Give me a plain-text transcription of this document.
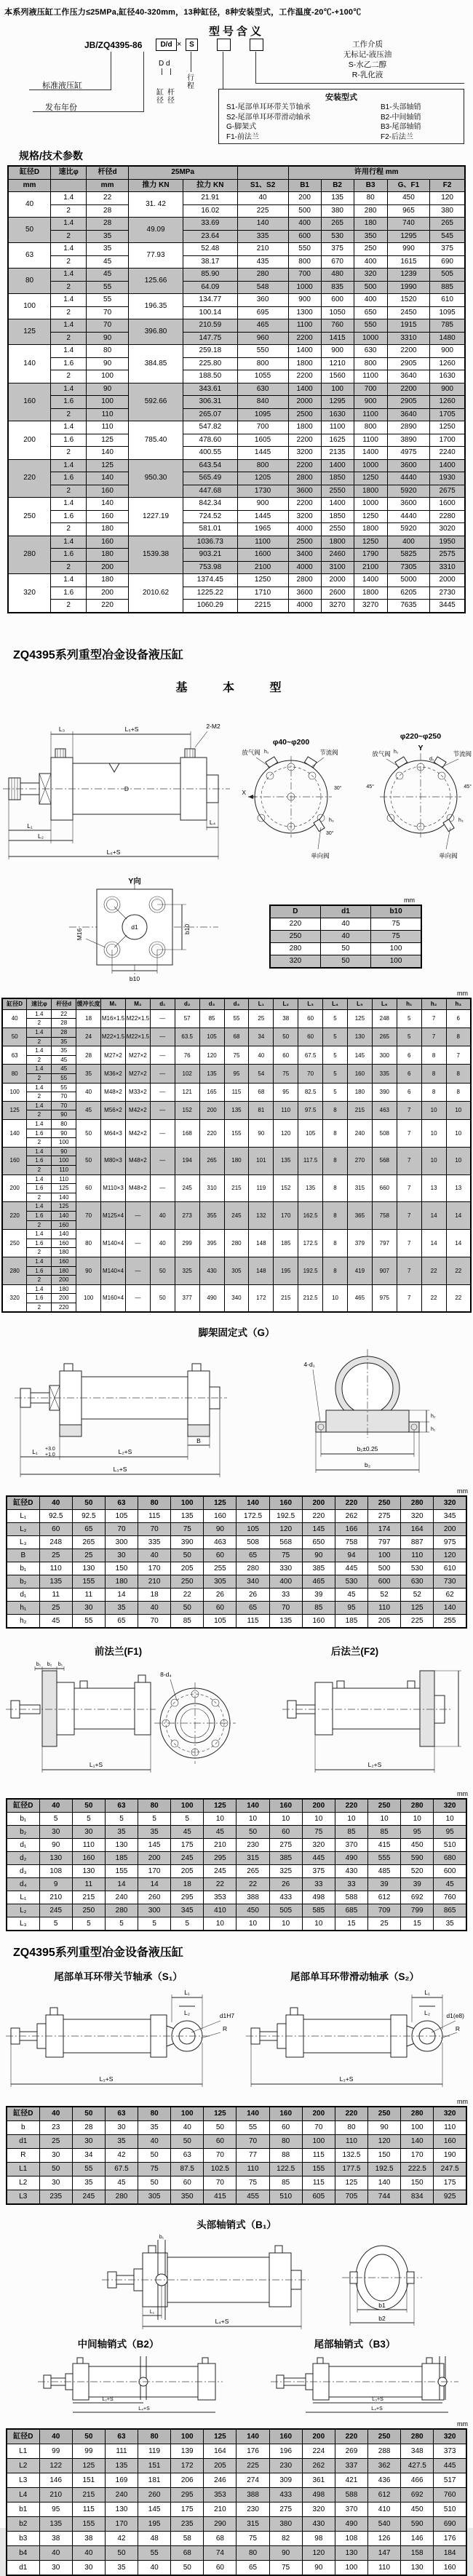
本系列液压缸工作压力≤25MPa,缸径40-320mm，13种缸径，8种安装型式，工作温度-20℃-+100℃
型号含义
JB/ZQ4395-86	D/d ×	S
标准液压缸
发布年份
D d
缸径
杆径
行程
工作介质
无标记-液压油
S-水乙二醇
R-乳化液
安装型式
S1-尾部单耳环带关节轴承
S2-尾部单耳环带滑动轴承
G-脚架式
F1-前法兰
B1-头部轴销
B2-中间轴销
B3-尾部轴销
F2-后法兰
规格/技术参数
缸径D	速比φ	杆径d	25MPa			许用行程 mm				
mm		mm	推力 KN	拉力 KN	S1、S2	B1	B2	B3	G、F1	F2
40	1.4	22	31. 42	21.91	40	200	135	80	450	120
	2	28		16.02	225	500	380	280	965	380
50	1.4	28	49.09	33.69	140	400	265	180	740	265
	2	35		23.64	335	600	530	350	1295	545
63	1.4	35	77.93	52.48	210	550	375	250	990	375
	2	45		38.17	435	800	670	400	1615	690
80	1.4	45	125.66	85.90	280	700	480	320	1239	505
	2	55		64.09	548	1000	835	500	1990	885
100	1.4	55	196.35	134.77	360	900	600	400	1520	610
	2	70		100.14	695	1300	1050	650	2450	1095
125	1.4	70	396.80	210.59	465	1100	760	550	1915	785
	2	90		147.75	960	2200	1415	1000	3310	1480
140	1.4	80	384.85	259.18	550	1400	900	630	2200	900
	1.6	90		225.80	800	1800	1210	800	2905	1260
	2	100		188.50	1055	2200	1560	1100	3640	1630
160	1.4	90	592.66	343.61	630	1400	100	700	2200	900
	1.6	100		306.31	840	2000	1295	900	2905	1260
	2	110		265.07	1095	2500	1630	1100	3640	1705
200	1.4	110	785.40	547.82	700	1800	1100	800	2890	1250
	1.6	125		478.60	1605	2200	1625	1100	3890	1700
	2	140		400.55	1445	3200	2135	1400	4975	2240
220	1.4	125	950.30	643.54	800	2200	1400	1000	3600	1400
	1.6	140		565.49	1205	2800	1850	1250	4440	1930
	2	160		447.68	1730	3600	2550	1800	5920	2675
250	1.4	140	1227.19	842.34	900	2200	1400	1000	3600	1600
	1.6	160		724.52	1445	3200	1850	1250	4440	2280
	2	180		581.01	1965	4000	2550	1800	5920	3020
280	1.4	160	1539.38	1036.73	1100	2500	1800	1250	400	1950
	1.6	180		903.21	1600	3400	2460	1790	5825	2575
	2	200		753.98	2100	4000	3100	2100	7305	3310
320	1.4	180	2010.62	1374.45	1250	2800	2000	1400	5000	2000
	1.6	200		1225.22	1710	3600	2600	1800	6205	2730
	2	220		1060.29	2215	4000	3270	3270	7635	3445
ZQ4395系列重型冶金设备液压缸
基 本 型
D
L₃	L₅+S	2-M2
L₁
L₂
L₄
L₆+S
φ40~φ200
放气阀	节流阀
X
30°
30°
h₁
h₃
单向阀
φ220~φ250
Y
d₁
放气阀	节流阀
45°	45°
h₁
h₃
单向阀
Y向
d1
M16	b10
b10
mm
D	d1	b10
220	40	75
250	40	75
280	50	100
320	50	100
mm
缸径D	速比φ	杆径d	缓冲长度	M₁	M₂	d₁	d₂	d₃	d₄	L₁	L₂	L₃	L₄	L₅	L₆	h₁	h₂	h₃
40	1.4	22	18	M16×1.5	M22×1.5	—	57	85	55	25	38	60	5	125	248	5	7	6
	2	28																
50	1.4	28	24	M22×1.5	M22×1.5	—	63.5	105	68	34	50	60	5	130	265	5	7	8
	2	35																
63	1.4	35	28	M27×2	M27×2	—	76	120	75	40	60	67.5	5	145	300	6	8	7
	2	45																
80	1.4	45	35	M36×2	M27×2	—	102	135	95	54	75	70	5	160	335	6	8	8
	2	55																
100	1.4	55	40	M48×2	M33×2	—	121	165	115	68	95	82.5	5	180	390	6	8	8
	2	70																
125	1.4	70	45	M56×2	M42×2	—	152	200	135	81	110	97.5	8	215	463	7	10	10
	2	90																
140	1.4	80	50	M64×3	M42×2	—	168	220	155	90	120	105	8	240	508	7	10	10
	1.6	90																
	2	100																
160	1.4	90	50	M80×3	M48×2	—	194	265	180	101	135	117.5	8	270	568	7	10	10
	1.6	100																
	2	110																
200	1.4	110	60	M110×3	M48×2	—	245	310	215	119	152	135	8	315	660	7	13	13
	1.6	125																
	2	140																
220	1.4	125	70	M125×4	—	40	273	355	245	132	170	162.5	8	365	758	7	14	14
	1.6	140																
	2	160																
250	1.4	140	80	M140×4	—	40	299	395	280	148	185	172.5	8	379	797	7	14	14
	1.6	160																
	2	180																
280	1.4	160	90	M140×4	—	50	325	430	305	148	195	192.5	8	419	907	7	22	22
	1.6	180																
	2	200																
320	1.4	180	100	M160×4	—	50	377	490	340	172	215	212.5	10	465	975	7	22	22
	1.6	200																
	2	220																
脚架固定式（G）
B
L₁ +3.0
+1.0	L₂+S
L₃+S
4-d₁
h₂
h₁
b₁±0.25
b₂
mm
缸径D	40	50	63	80	100	125	140	160	200	220	250	280	320
L₁	92.5	92.5	105	115	135	160	172.5	192.5	220	262	275	320	345
L₂	60	65	70	70	75	90	105	120	145	166	174	164	200
L₃	248	265	300	335	390	463	508	568	650	758	797	887	975
B	25	25	30	40	50	60	65	75	90	94	100	110	120
b₁	110	130	150	170	205	255	280	330	385	445	500	530	610
b₂	135	155	180	210	250	305	340	400	465	530	600	630	730
d₁	11	11	14	18	22	26	26	33	39	45	52	52	62
h₁	25	30	35	40	50	60	65	70	85	95	110	125	140
h₂	45	55	65	70	85	105	115	135	160	185	205	225	255
前法兰(F1)	后法兰(F2)
b₁ b₂ b₁
L₁+S
8-d₄
L₂+S
mm
缸径D	40	50	63	80	100	125	140	160	200	220	250	280	320
b₁	5	5	5	5	5	10	10	10	10	10	10	10	10
b₂	30	30	35	35	45	45	50	60	75	85	85	95	95
d₁	90	110	130	145	175	210	230	275	320	370	415	450	510
d₂	130	160	185	200	245	295	315	385	445	490	555	590	680
d₃	108	130	155	170	205	245	265	325	375	430	485	520	600
d₄	9	11	14	14	18	22	22	26	33	33	39	39	45
L₁	210	215	240	260	295	353	388	433	498	588	612	692	760
L₂	245	250	280	300	345	410	450	505	585	685	709	799	865
L₃	5	5	5	5	5	10	10	10	10	15	25	15	35
ZQ4395系列重型冶金设备液压缸
尾部单耳环带关节轴承（S₁）	尾部单耳环带滑动轴承（S₂）
L₁
L₂	d1H7
R
L₃+S
L₁
L₂	d1(e8)
R
L₃+S
mm
缸径D	40	50	63	80	100	125	140	160	200	220	250	280	320
b	23	28	30	35	40	50	55	60	70	80	90	100	110
d1	25	30	35	40	50	60	70	80	100	110	120	140	160
R	30	34	42	50	63	70	77	88	115	132.5	150	170	190
L1	50	55	67.5	75	87.5	102.5	110	122.5	155	177.5	192.5	222.5	247.5
L2	30	35	45	50	60	70	75	85	115	125	140	150	175
L3	235	245	280	305	350	415	455	510	605	705	744	834	925
头部轴销式（B₁）
b₁
L₁
L₄+S
b1
b2
中间轴销式（B2）	尾部轴销式（B3）
L₂+S
L₄+S
L₃+S
L₄+S
mm
缸径D	40	50	63	80	100	125	140	160	200	220	250	280	320
L1	99	99	111	119	139	164	176	196	224	269	288	348	373
L2	122	125	135	151	172	205	225	230	262	337	362	427.5	445
L3	146	151	169	181	206	246	274	309	361	421	436	466	517
L4	210	215	240	260	295	353	388	433	498	588	612	692	760
b1	95	115	130	145	175	210	230	275	320	370	410	450	510
b2	135	155	170	195	235	290	315	380	430	490	540	590	690
b3	38	38	42	48	58	68	75	82	98	108	126	146	176
b4	40	40	50	55	68	74	80	90	120	130	147	158	184
d1	30	30	35	40	50	60	65	75	90	100	110	130	160
